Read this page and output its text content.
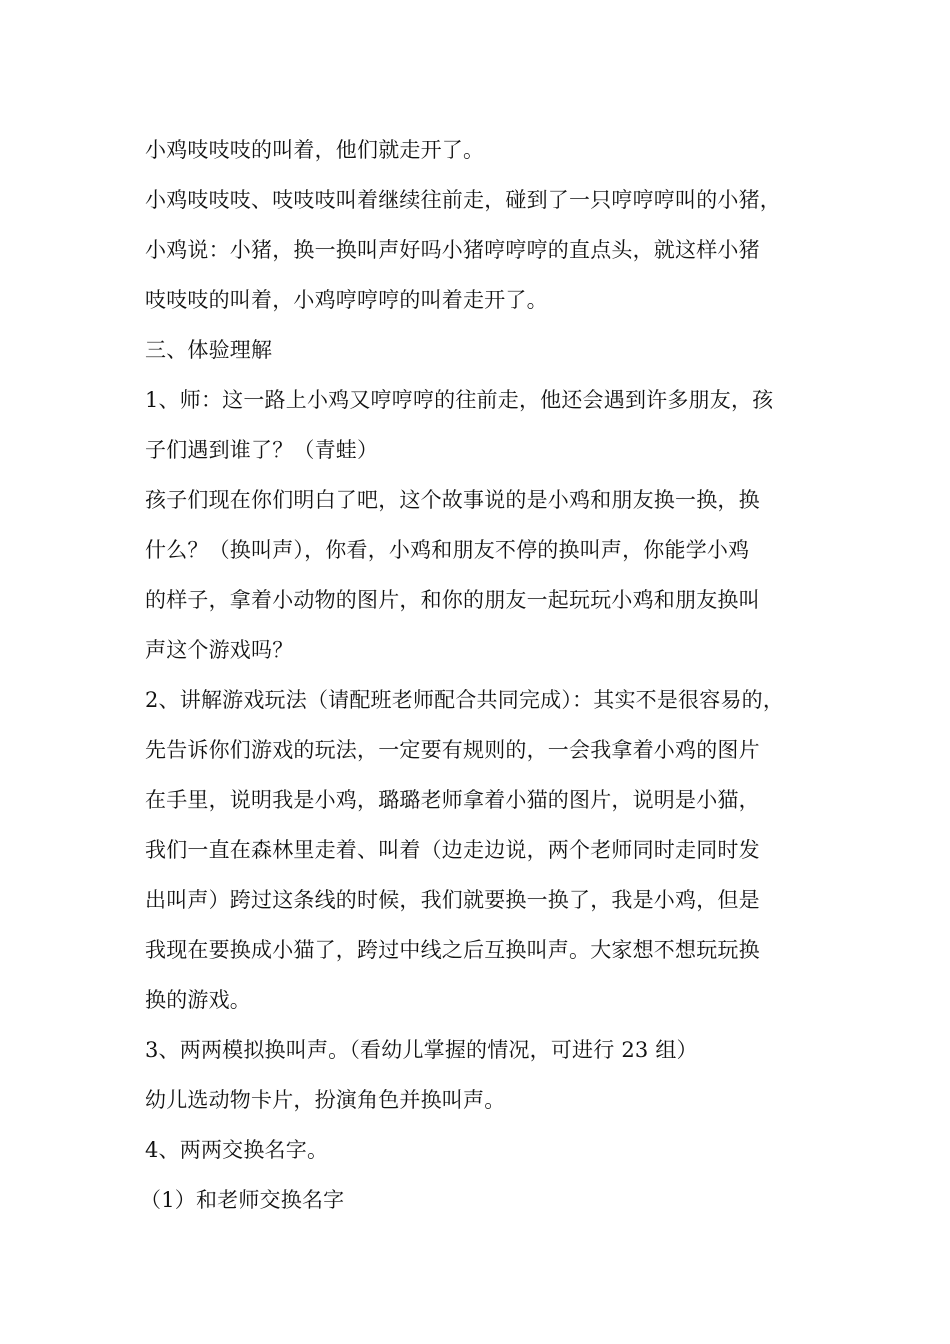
小鸡吱吱吱的叫着，他们就走开了。
小鸡吱吱吱、吱吱吱叫着继续往前走，碰到了一只哼哼哼叫的小猪，
小鸡说：小猪，换一换叫声好吗小猪哼哼哼的直点头，就这样小猪
吱吱吱的叫着，小鸡哼哼哼的叫着走开了。
三、体验理解
1、师：这一路上小鸡又哼哼哼的往前走，他还会遇到许多朋友，孩
子们遇到谁了？（青蛙）
孩子们现在你们明白了吧，这个故事说的是小鸡和朋友换一换，换
什么？（换叫声），你看，小鸡和朋友不停的换叫声，你能学小鸡
的样子，拿着小动物的图片，和你的朋友一起玩玩小鸡和朋友换叫
声这个游戏吗？
2、讲解游戏玩法（请配班老师配合共同完成）：其实不是很容易的，
先告诉你们游戏的玩法，一定要有规则的，一会我拿着小鸡的图片
在手里，说明我是小鸡，璐璐老师拿着小猫的图片，说明是小猫，
我们一直在森林里走着、叫着（边走边说，两个老师同时走同时发
出叫声）跨过这条线的时候，我们就要换一换了，我是小鸡，但是
我现在要换成小猫了，跨过中线之后互换叫声。大家想不想玩玩换
换的游戏。
3、两两模拟换叫声。（看幼儿掌握的情况，可进行 23 组）
幼儿选动物卡片，扮演角色并换叫声。
4、两两交换名字。
（1）和老师交换名字
